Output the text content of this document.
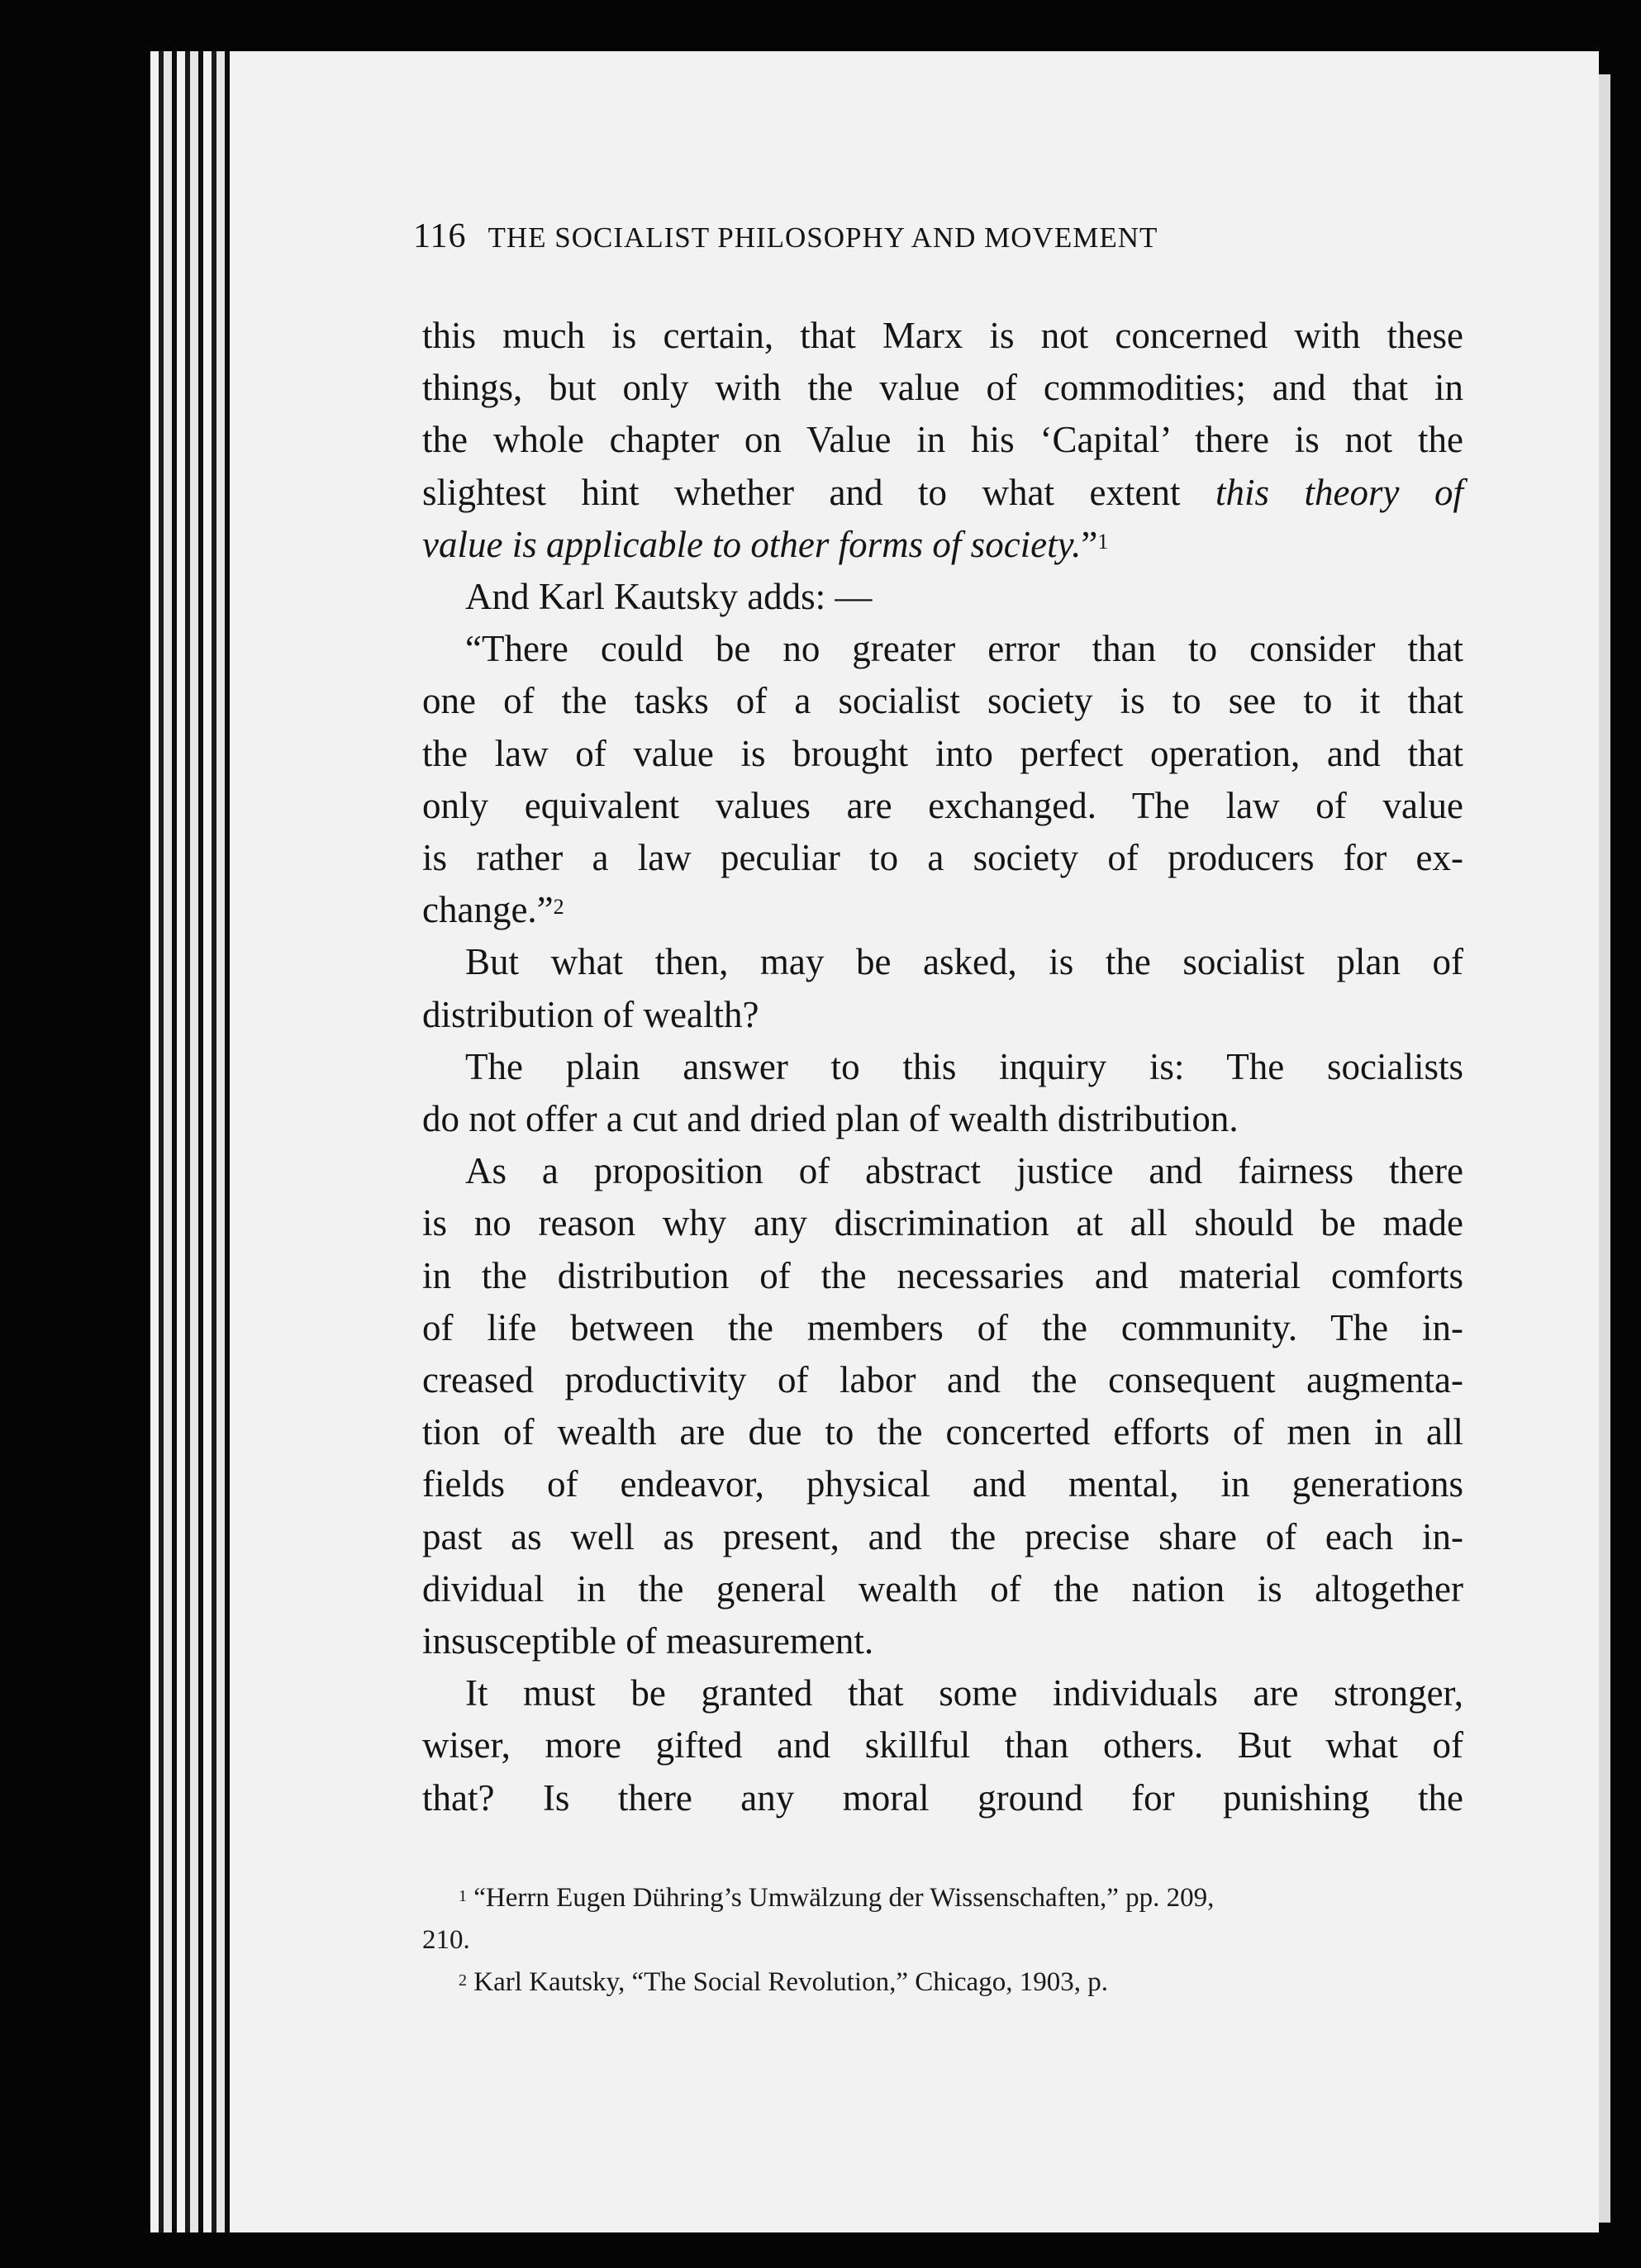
116 THE SOCIALIST PHILOSOPHY AND MOVEMENT

this much is certain, that Marx is not concerned with these

things, but only with the value of commodities; and that in

the whole chapter on Value in his ‘Capital’ there is not the

slightest hint whether and to what extent this theory of

value is applicable to other forms of society.”$^1$

And Karl Kautsky adds: —

“There could be no greater error than to consider that

one of the tasks of a socialist society is to see to it that

the law of value is brought into perfect operation, and that

only equivalent values are exchanged. The law of value

is rather a law peculiar to a society of producers for ex-

change.”$^2$

But what then, may be asked, is the socialist plan of

distribution of wealth?

The plain answer to this inquiry is: The socialists

do not offer a cut and dried plan of wealth distribution.

As a proposition of abstract justice and fairness there

is no reason why any discrimination at all should be made

in the distribution of the necessaries and material comforts

of life between the members of the community. The in-

creased productivity of labor and the consequent augmenta-

tion of wealth are due to the concerted efforts of men in all

fields of endeavor, physical and mental, in generations

past as well as present, and the precise share of each in-

dividual in the general wealth of the nation is altogether

insusceptible of measurement.

It must be granted that some individuals are stronger,

wiser, more gifted and skillful than others. But what of

that? Is there any moral ground for punishing the

$^1$ “Herrn Eugen Dühring’s Umwälzung der Wissenschaften,” pp. 209,

210.

$^2$ Karl Kautsky, “The Social Revolution,” Chicago, 1903, p.
